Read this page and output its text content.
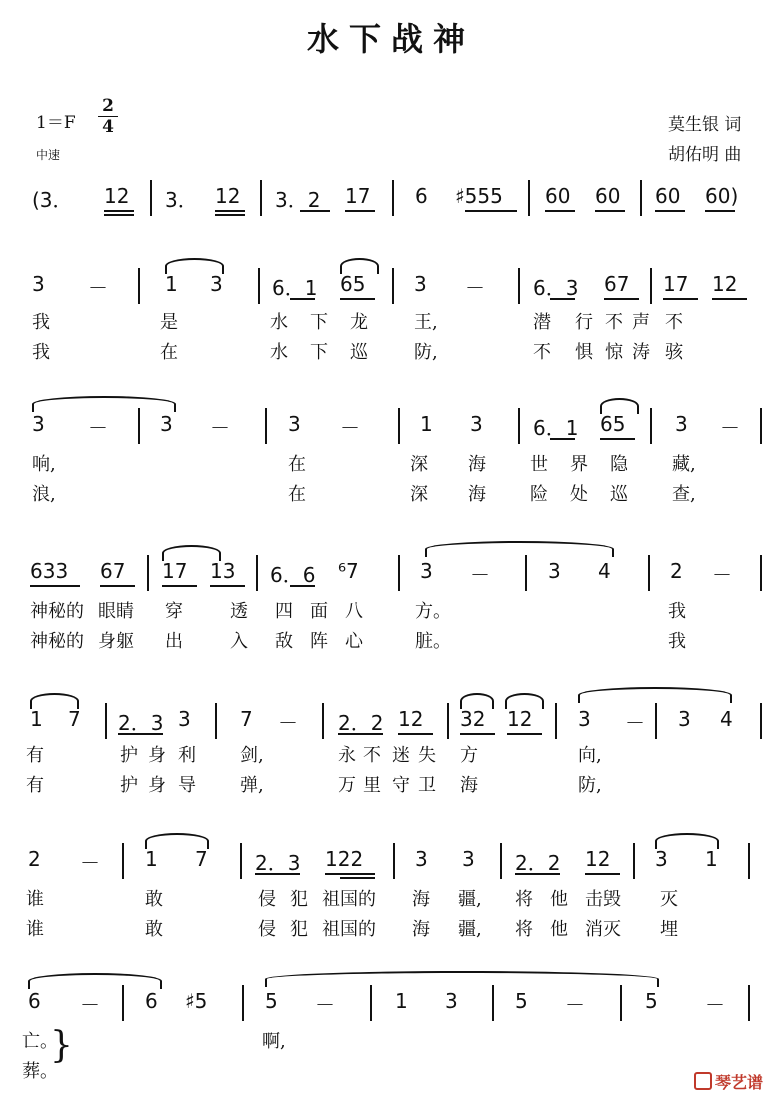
水下战神
1＝F
2
4
中速
莫生银 词
胡佑明 曲
(3． 12 3． 12 3．2 17 6 ♯555 60 60 60 60)
3 －	1 3 6．1 65 3 － 6．3 67 17 12
我	是	水 下 龙	王,	潜 行 不 声 不
我	在	水 下 巡	防,	不 惧 惊 涛 骇
3 －	3 －	3 －	1 3	6．1 65 3 －
响,	在	深 海 世 界 隐 藏,
浪,	在	深 海 险 处 巡 查,
633 67 17 13 6．6 ⁶7	3 －	3 4	2 －
神秘的 眼睛 穿	透 四 面 八	方。	我
神秘的 身躯 出	入 敌 阵 心	脏。	我
1 7 2．3 3 7 － 2．2 12 32 12 3 － 3 4
有	护 身 利 剑,	永 不 迷 失 方	向,
有	护 身 导 弹,	万 里 守 卫 海	防,
2 － 1 7 2．3 122	3 3 2．2 12 3 1
谁	敢	侵 犯 祖国的 海 疆, 将 他 击毁 灭
谁	敢	侵 犯 祖国的 海 疆, 将 他 消灭 埋
6 － 6 ♯5	5 －	1 3	5 －	5 －
亡。	啊,
葬。
}
琴艺谱
